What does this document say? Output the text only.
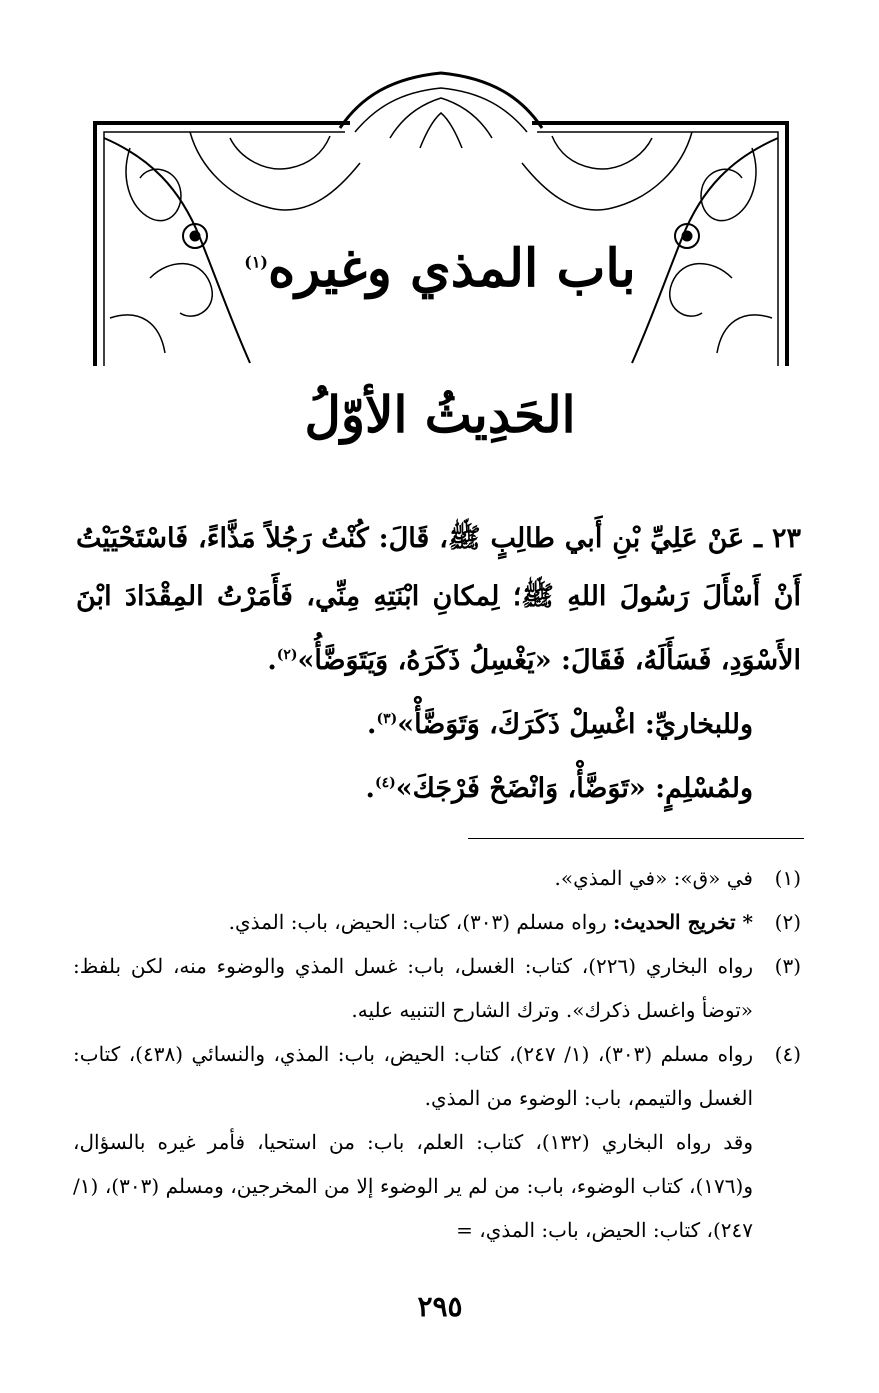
باب المذي وغيره$^{(١)}$
الحَدِيثُ الأوّلُ

٢٣ ـ عَنْ عَلِيِّ بْنِ أَبي طالِبٍ ﷺ، قَالَ: كُنْتُ رَجُلاً مَذَّاءً، فَاسْتَحْيَيْتُ أَنْ أَسْأَلَ رَسُولَ اللهِ ﷺ؛ لِمكانِ ابْنَتِهِ مِنِّي، فَأَمَرْتُ المِقْدَادَ ابْنَ الأَسْوَدِ، فَسَأَلَهُ، فَقَالَ: «يَغْسِلُ ذَكَرَهُ، وَيَتَوَضَّأُ»$^{(٢)}$.

وللبخاريِّ: اغْسِلْ ذَكَرَكَ، وَتَوَضَّأْ»$^{(٣)}$.

ولمُسْلِمٍ: «تَوَضَّأْ، وَانْضَحْ فَرْجَكَ»$^{(٤)}$.

(١)
في «ق»: «في المذي».
(٢)
* تخريج الحديث: رواه مسلم (٣٠٣)، كتاب: الحيض، باب: المذي.
(٣)
رواه البخاري (٢٢٦)، كتاب: الغسل، باب: غسل المذي والوضوء منه، لكن بلفظ: «توضأ واغسل ذكرك». وترك الشارح التنبيه عليه.
(٤)
رواه مسلم (٣٠٣)، (١/ ٢٤٧)، كتاب: الحيض، باب: المذي، والنسائي (٤٣٨)، كتاب: الغسل والتيمم، باب: الوضوء من المذي.
وقد رواه البخاري (١٣٢)، كتاب: العلم، باب: من استحيا، فأمر غيره بالسؤال، و(١٧٦)، كتاب الوضوء، باب: من لم ير الوضوء إلا من المخرجين، ومسلم (٣٠٣)، (١/ ٢٤٧)، كتاب: الحيض، باب: المذي، =
٢٩٥
